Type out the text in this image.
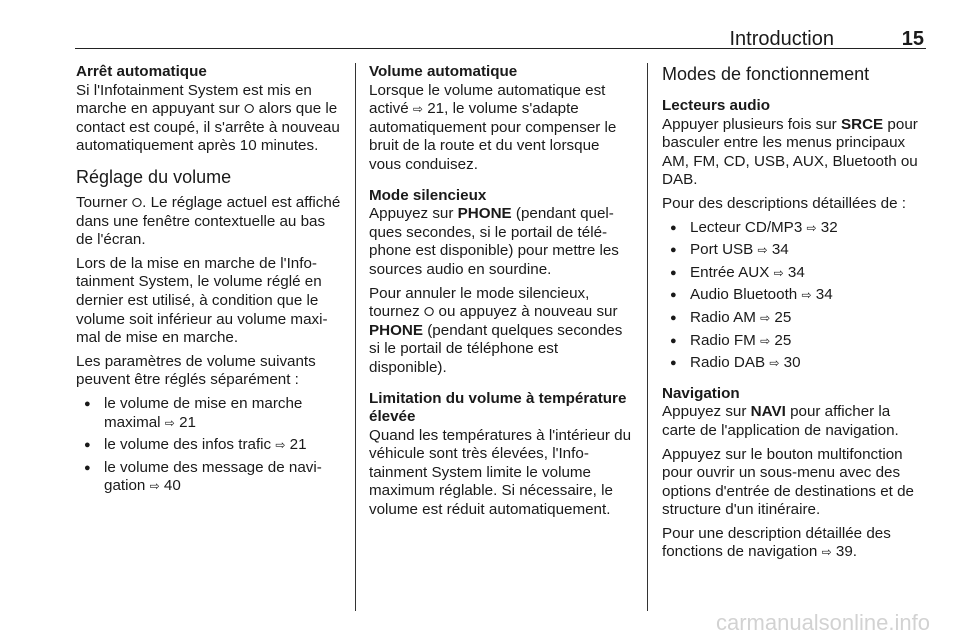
Introduction	15
Arrêt automatique

Si l'Infotainment System est mis en marche en appuyant sur ⭘ alors que le contact est coupé, il s'arrête à nouveau automatiquement après 10 minutes.

Réglage du volume

Tourner ⭘. Le réglage actuel est affiché dans une fenêtre contextuelle au bas de l'écran.

Lors de la mise en marche de l'Infotainment System, le volume réglé en dernier est utilisé, à condition que le volume soit inférieur au volume maximal de mise en marche.

Les paramètres de volume suivants peuvent être réglés séparément :

● le volume de mise en marche maximal ⇨ 21
● le volume des infos trafic ⇨ 21
● le volume des message de navigation ⇨ 40
Volume automatique

Lorsque le volume automatique est activé ⇨ 21, le volume s'adapte automatiquement pour compenser le bruit de la route et du vent lorsque vous conduisez.

Mode silencieux

Appuyez sur PHONE (pendant quelques secondes, si le portail de téléphone est disponible) pour mettre les sources audio en sourdine.

Pour annuler le mode silencieux, tournez ⭘ ou appuyez à nouveau sur PHONE (pendant quelques secondes si le portail de téléphone est disponible).

Limitation du volume à température élevée

Quand les températures à l'intérieur du véhicule sont très élevées, l'Infotainment System limite le volume maximum réglable. Si nécessaire, le volume est réduit automatiquement.

Modes de fonctionnement
Lecteurs audio

Appuyer plusieurs fois sur SRCE pour basculer entre les menus principaux AM, FM, CD, USB, AUX, Bluetooth ou DAB.

Pour des descriptions détaillées de :

● Lecteur CD/MP3 ⇨ 32
● Port USB ⇨ 34
● Entrée AUX ⇨ 34
● Audio Bluetooth ⇨ 34
● Radio AM ⇨ 25
● Radio FM ⇨ 25
● Radio DAB ⇨ 30
Navigation

Appuyez sur NAVI pour afficher la carte de l'application de navigation.

Appuyez sur le bouton multifonction pour ouvrir un sous-menu avec des options d'entrée de destinations et de structure d'un itinéraire.

Pour une description détaillée des fonctions de navigation ⇨ 39.

carmanualsonline.info
